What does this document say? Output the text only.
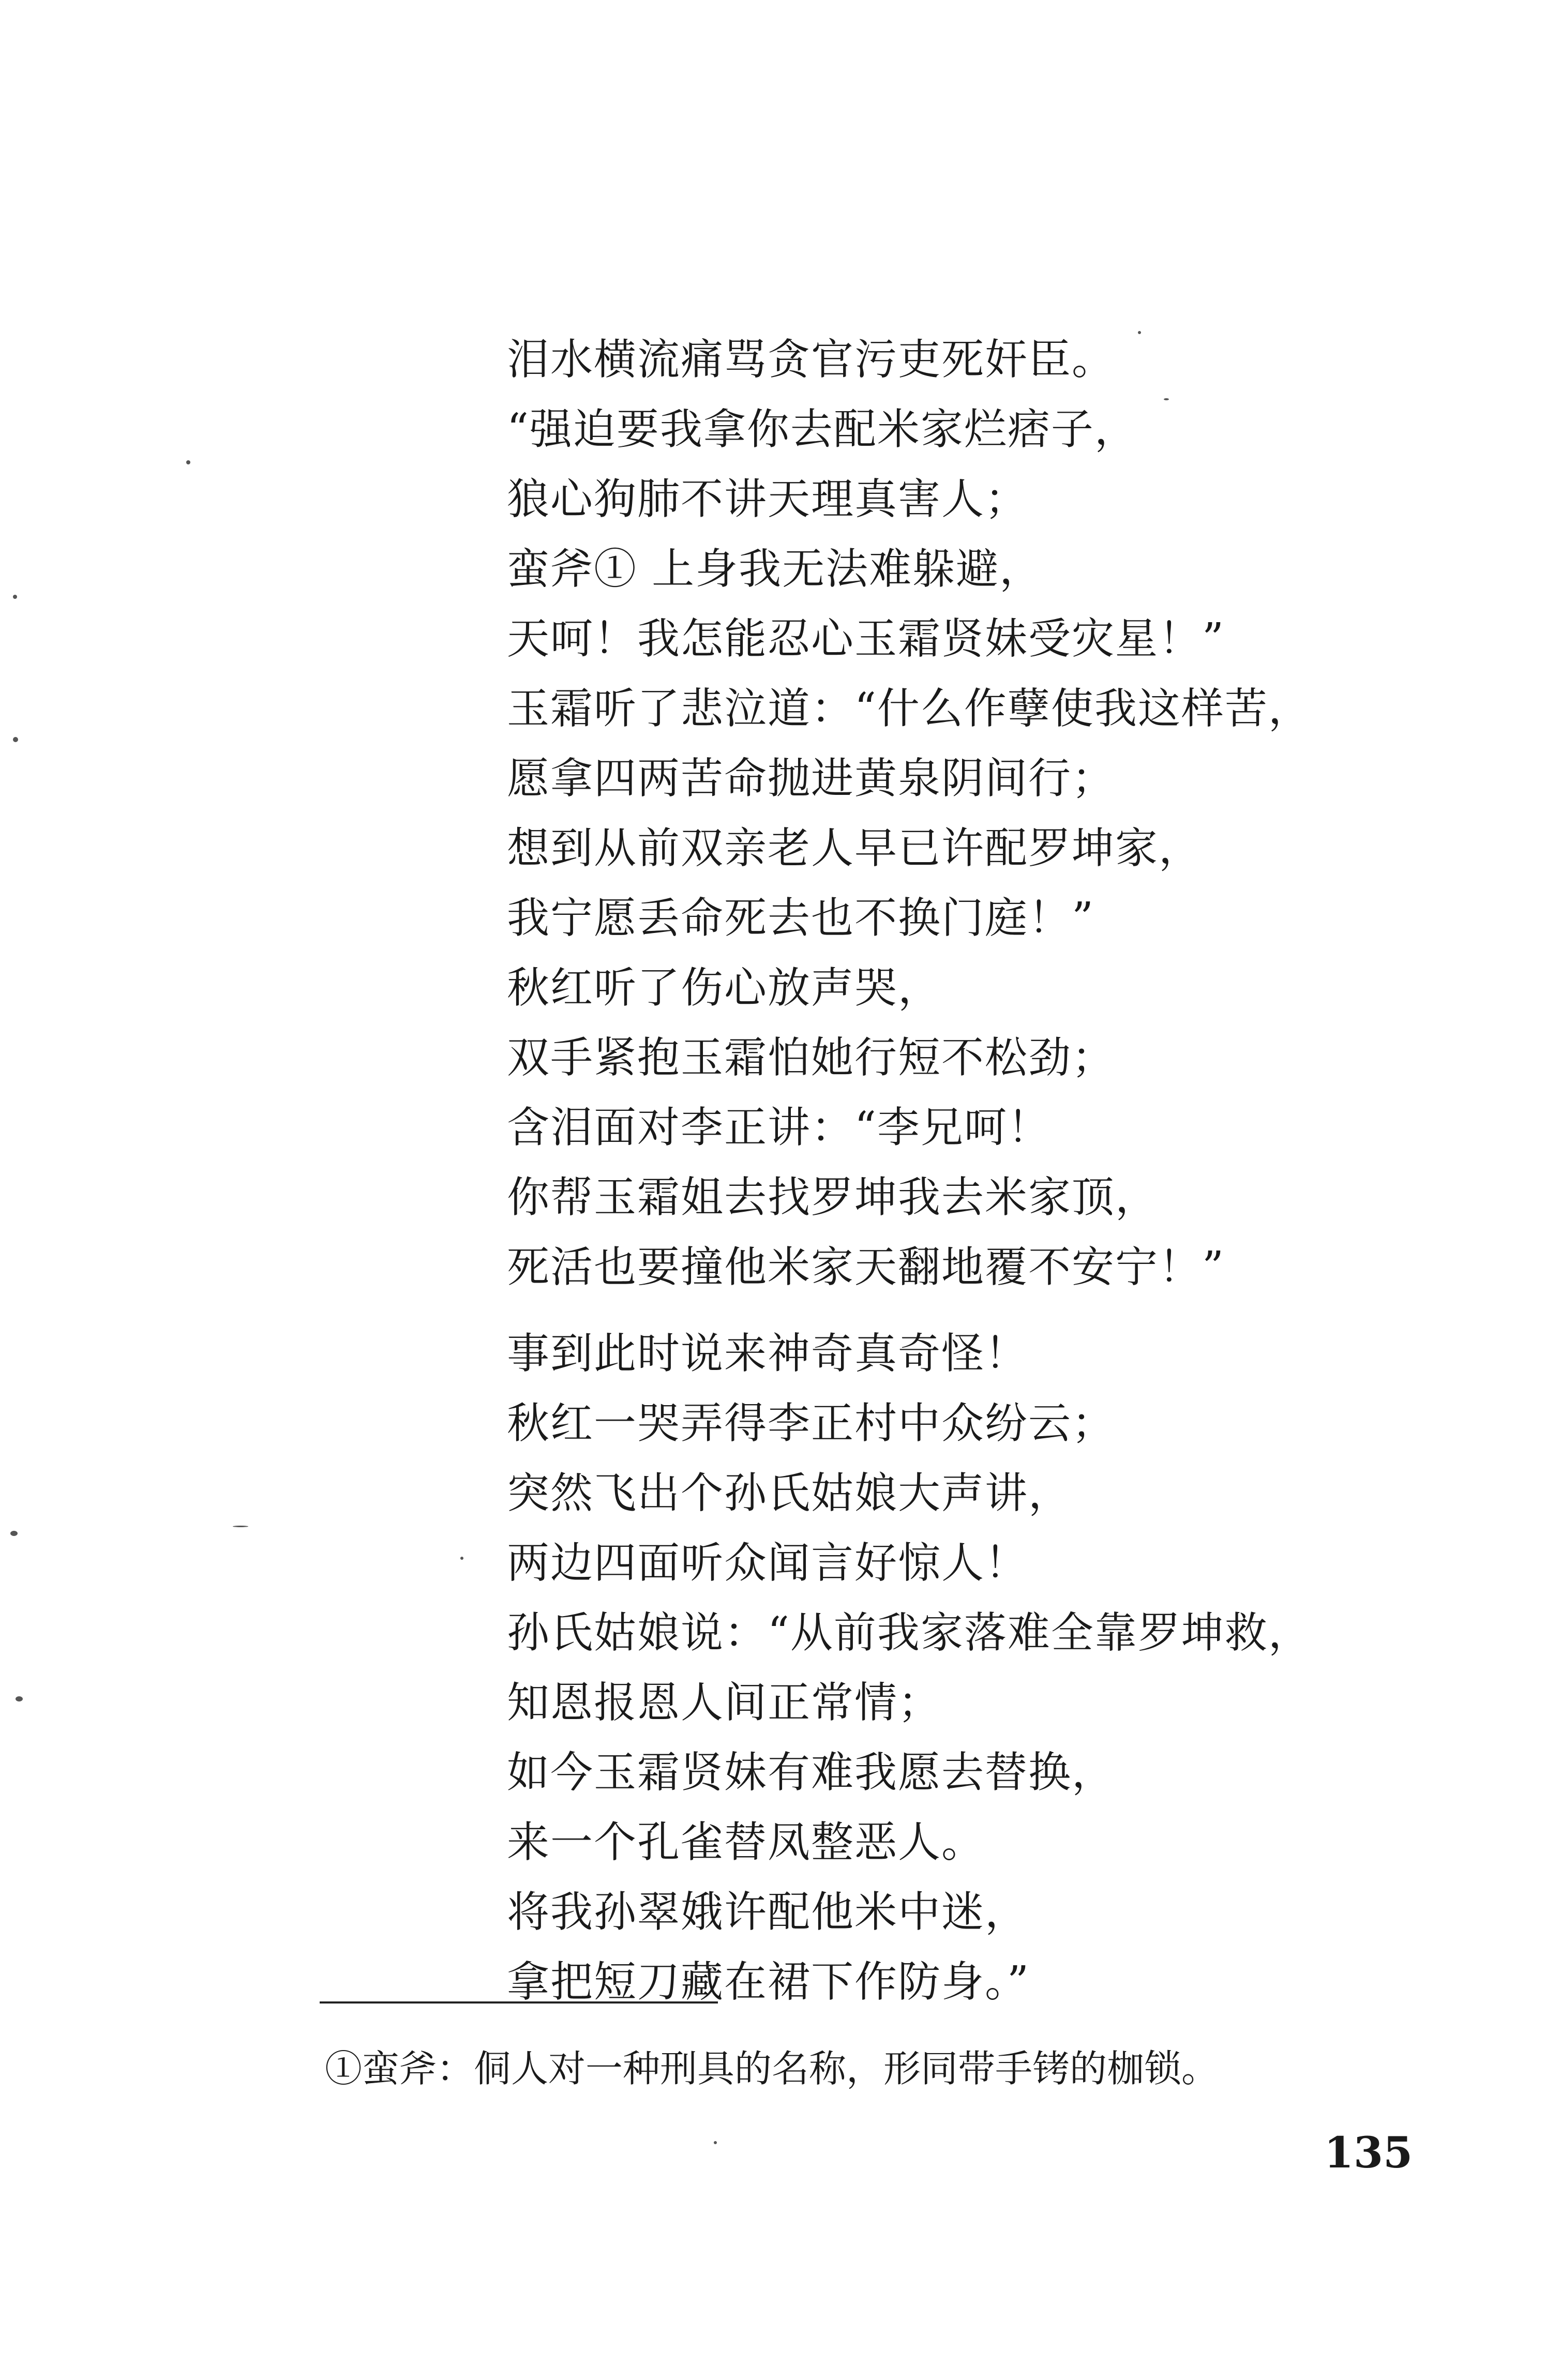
泪水横流痛骂贪官污吏死奸臣。
“强迫要我拿你去配米家烂痞子，
狼心狗肺不讲天理真害人；
蛮斧① 上身我无法难躲避，
天呵！我怎能忍心玉霜贤妹受灾星！”
玉霜听了悲泣道：“什么作孽使我这样苦，
愿拿四两苦命抛进黄泉阴间行；
想到从前双亲老人早已许配罗坤家，
我宁愿丢命死去也不换门庭！”
秋红听了伤心放声哭，
双手紧抱玉霜怕她行短不松劲；
含泪面对李正讲：“李兄呵！
你帮玉霜姐去找罗坤我去米家顶，
死活也要撞他米家天翻地覆不安宁！”
事到此时说来神奇真奇怪！
秋红一哭弄得李正村中众纷云；
突然飞出个孙氏姑娘大声讲，
两边四面听众闻言好惊人！
孙氏姑娘说：“从前我家落难全靠罗坤救，
知恩报恩人间正常情；
如今玉霜贤妹有难我愿去替换，
来一个孔雀替凤整恶人。
将我孙翠娥许配他米中迷，
拿把短刀藏在裙下作防身。”
①蛮斧：侗人对一种刑具的名称，形同带手铐的枷锁。
135
